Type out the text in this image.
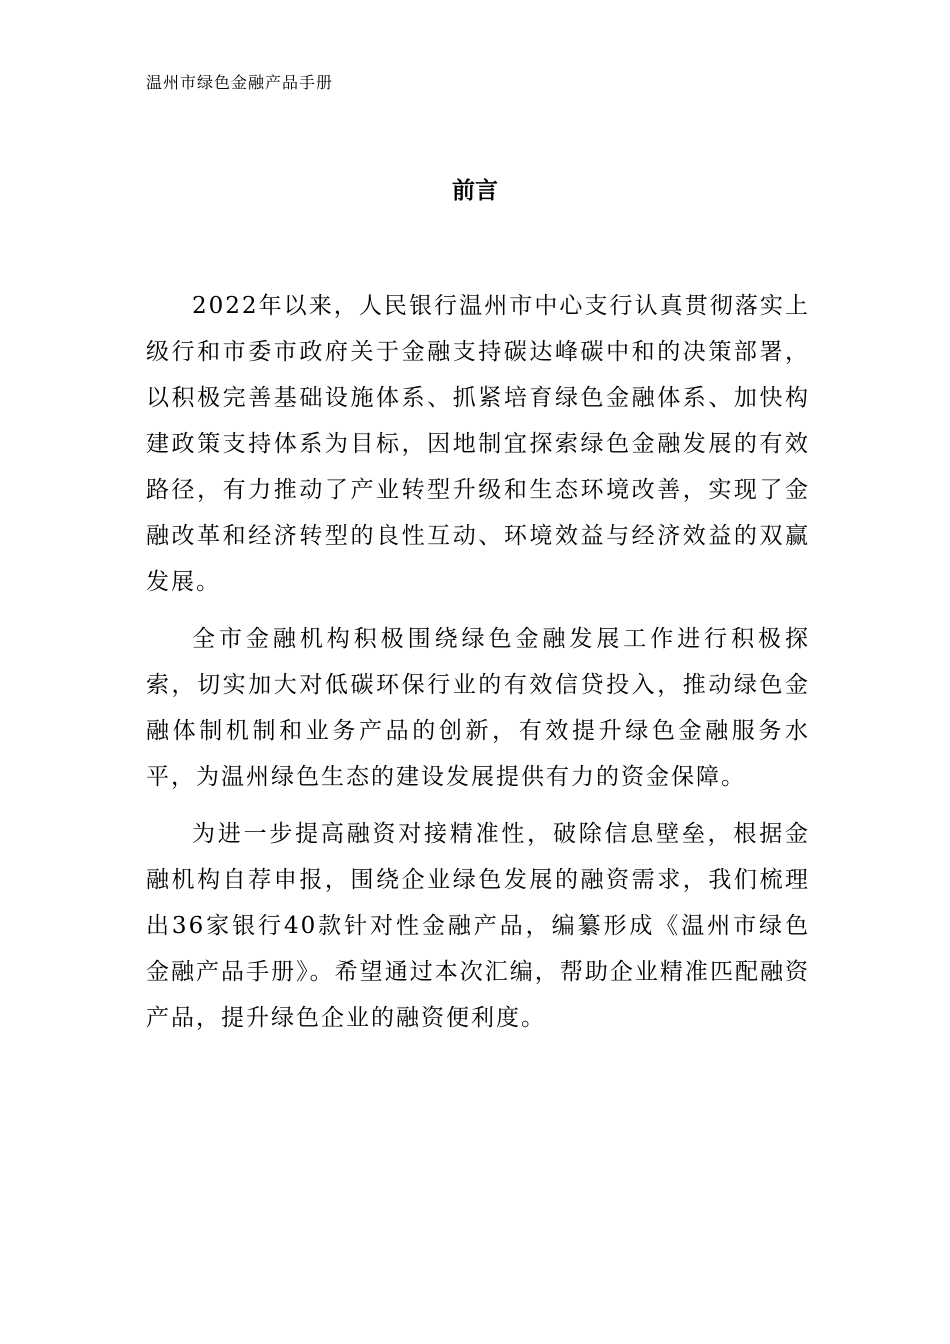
温州市绿色金融产品手册
前言

2022年以来，人民银行温州市中心支行认真贯彻落实上级行和市委市政府关于金融支持碳达峰碳中和的决策部署，以积极完善基础设施体系、抓紧培育绿色金融体系、加快构建政策支持体系为目标，因地制宜探索绿色金融发展的有效路径，有力推动了产业转型升级和生态环境改善，实现了金融改革和经济转型的良性互动、环境效益与经济效益的双赢发展。

全市金融机构积极围绕绿色金融发展工作进行积极探索，切实加大对低碳环保行业的有效信贷投入，推动绿色金融体制机制和业务产品的创新，有效提升绿色金融服务水平，为温州绿色生态的建设发展提供有力的资金保障。

为进一步提高融资对接精准性，破除信息壁垒，根据金融机构自荐申报，围绕企业绿色发展的融资需求，我们梳理出36家银行40款针对性金融产品，编纂形成《温州市绿色金融产品手册》。希望通过本次汇编，帮助企业精准匹配融资产品，提升绿色企业的融资便利度。
